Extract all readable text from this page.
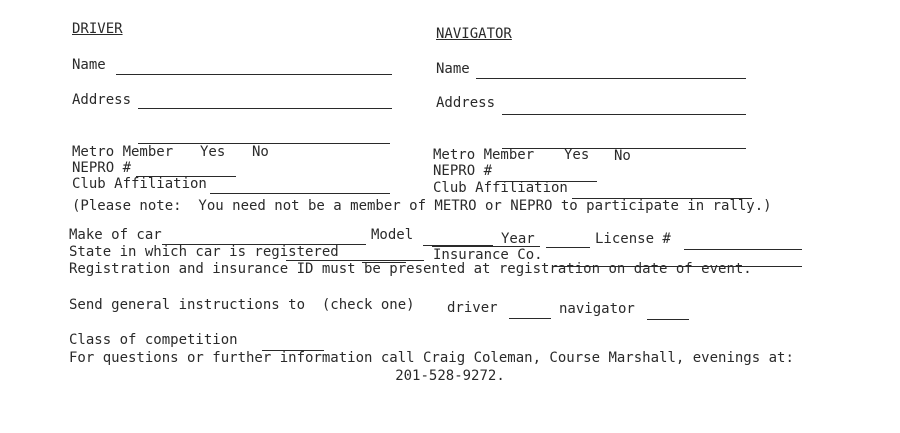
DRIVER
Name
Address
Metro Member Yes No
NEPRO #
Club Affiliation
NAVIGATOR
Name
Address
Metro Member Yes No
NEPRO #
Club Affiliation
(Please note:  You need not be a member of METRO or NEPRO to participate in rally.)
Make of car	Model	Year	License #
State in which car is registered	Insurance Co.
Registration and insurance ID must be presented at registration on date of event.
Send general instructions to  (check one) driver	navigator
Class of competition
For questions or further information call Craig Coleman, Course Marshall, evenings at:
201-528-9272.
